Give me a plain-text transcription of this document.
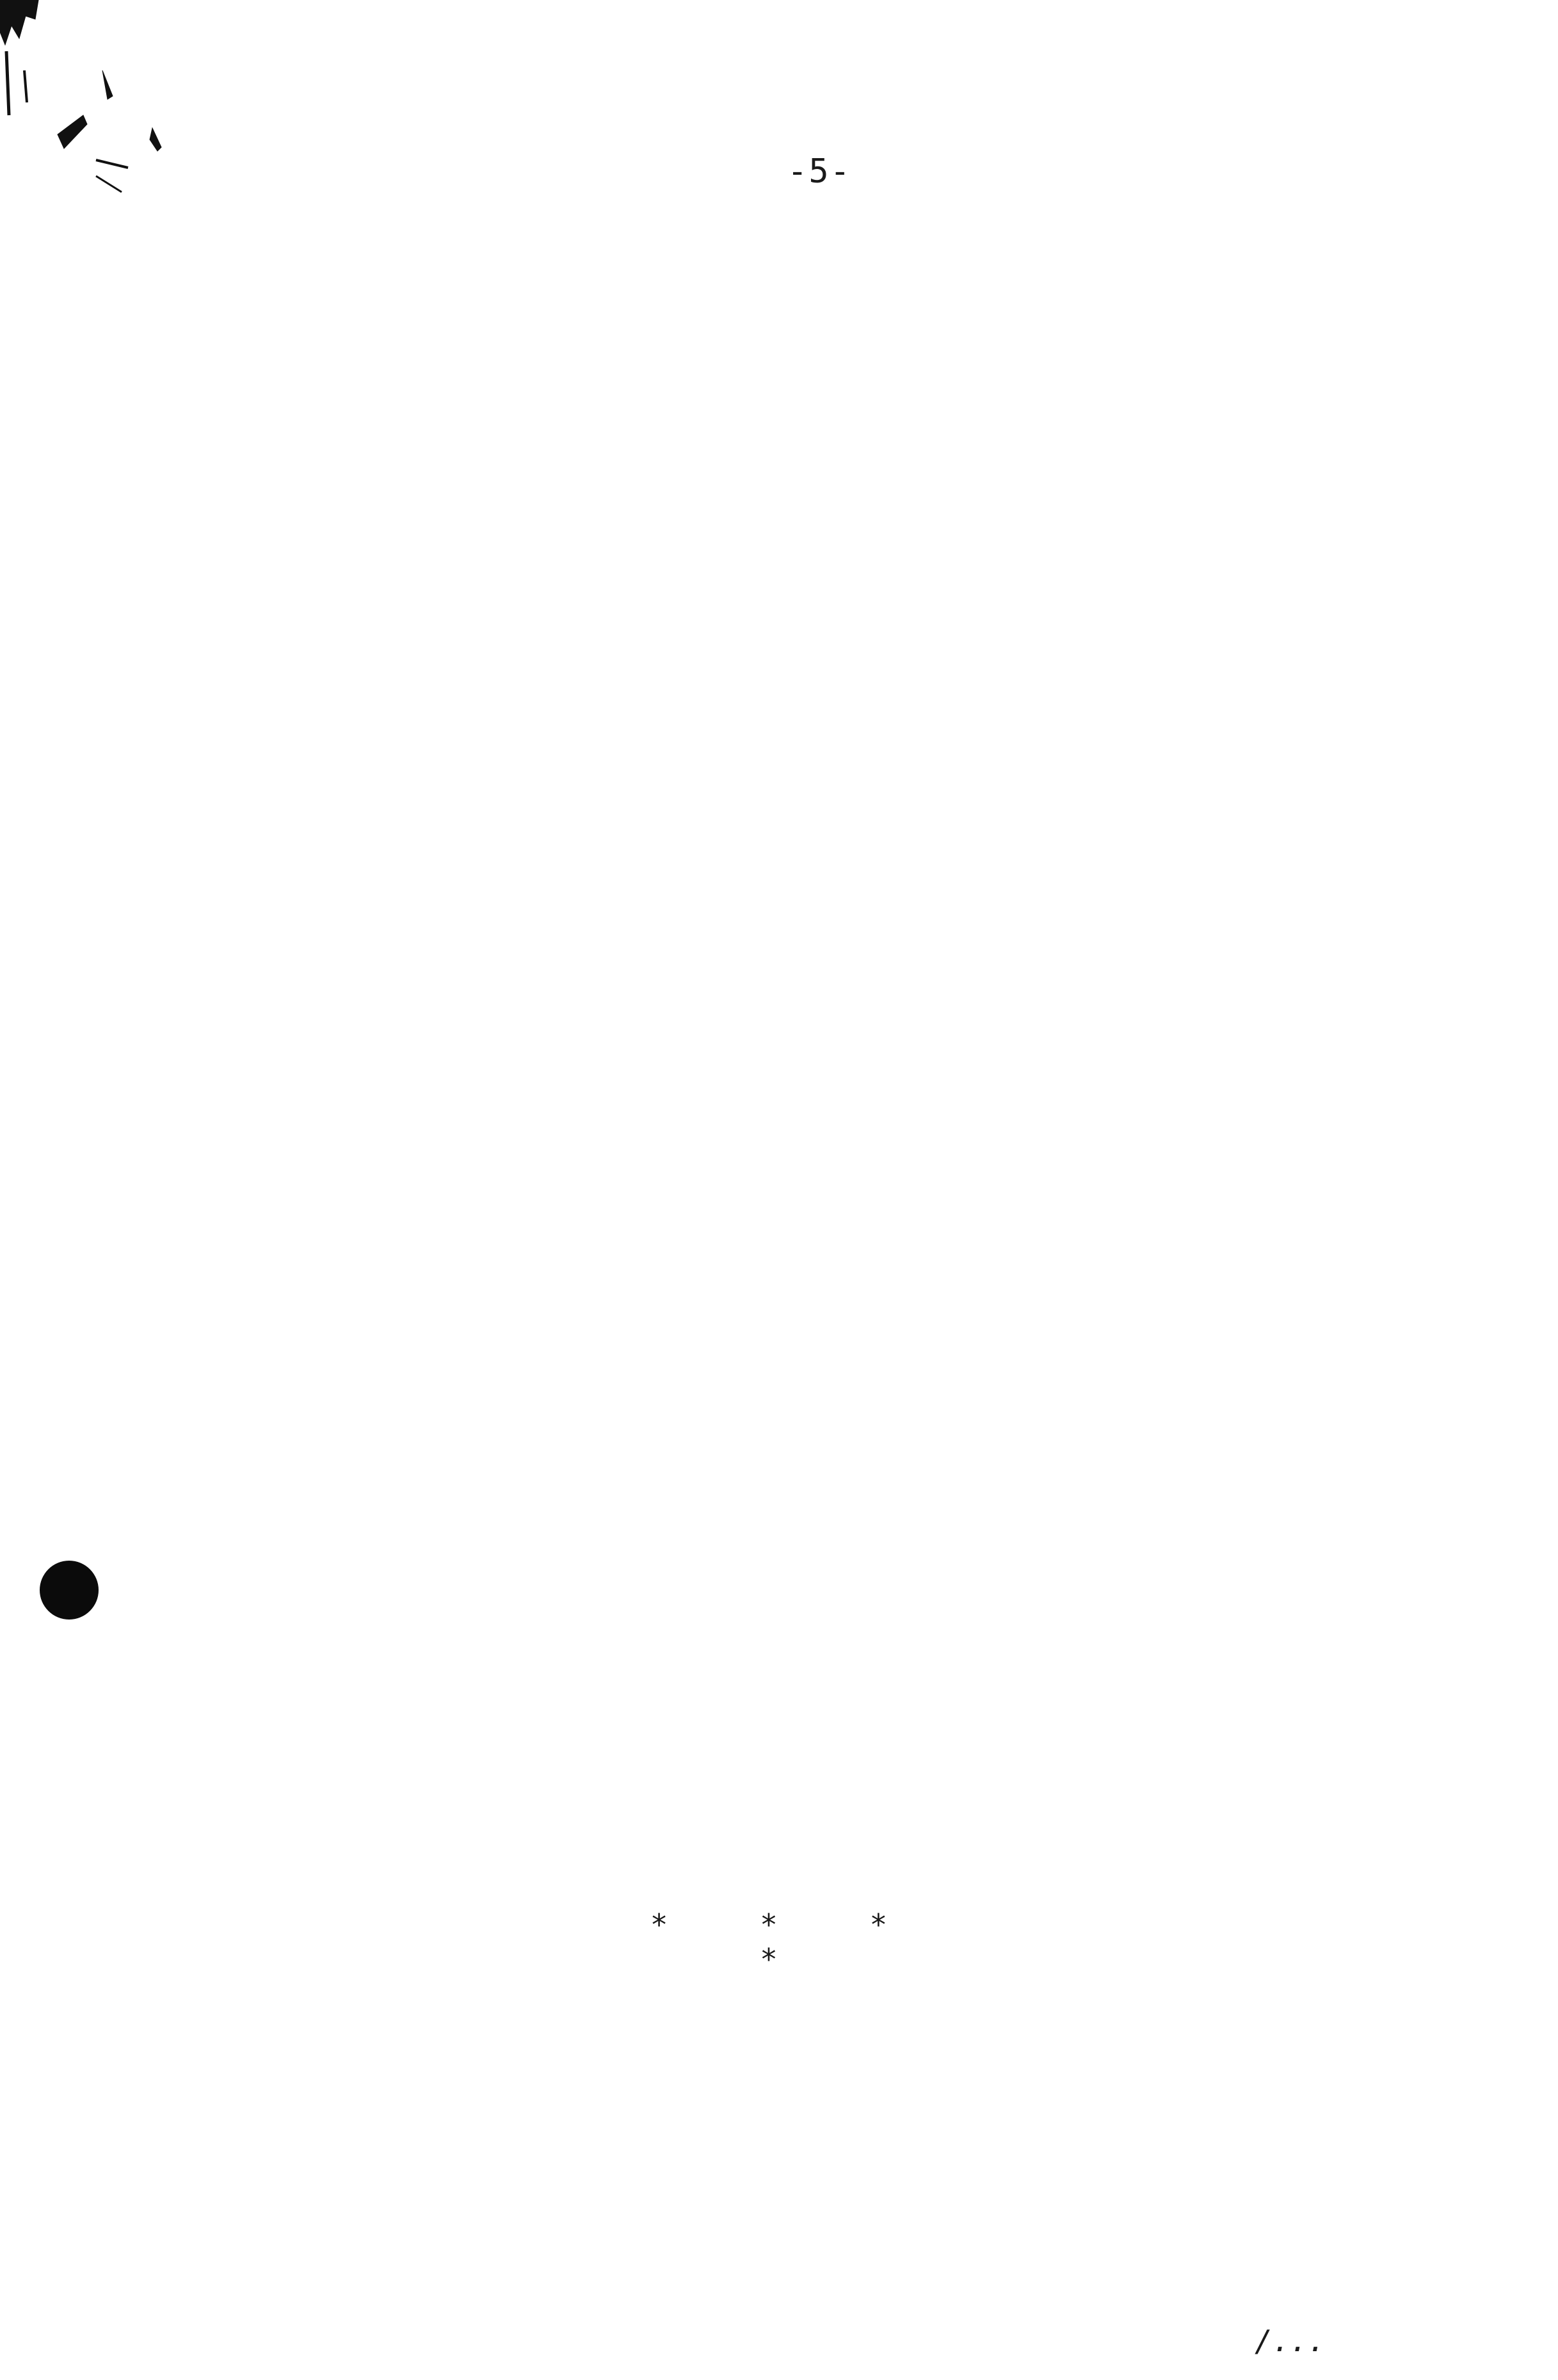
-5-

* * * *

/...
